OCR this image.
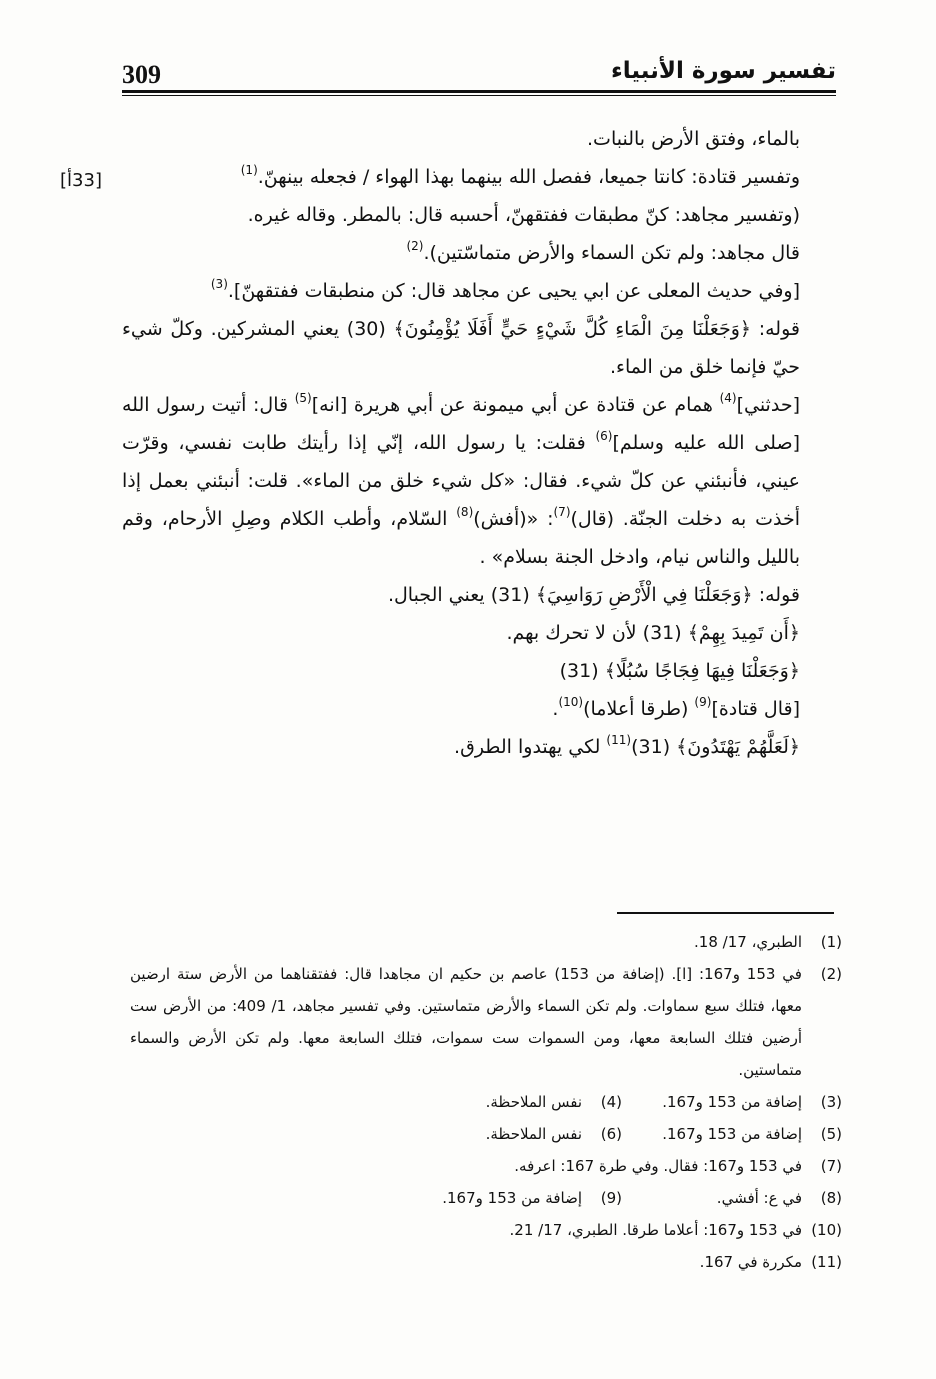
309	تفسير سورة الأنبياء
[33أ]

بالماء، وفتق الأرض بالنبات.

وتفسير قتادة: كانتا جميعا، ففصل الله بينهما بهذا الهواء / فجعله بينهنّ.$^{(1)}$

(وتفسير مجاهد: كنّ مطبقات ففتقهنّ، أحسبه قال: بالمطر. وقاله غيره.

قال مجاهد: ولم تكن السماء والأرض متماسّتين).$^{(2)}$

[وفي حديث المعلى عن ابي يحيى عن مجاهد قال: كن منطبقات ففتقهنّ].$^{(3)}$

قوله: ﴿وَجَعَلْنَا مِنَ الْمَاءِ كُلَّ شَيْءٍ حَيٍّ أَفَلَا يُؤْمِنُونَ﴾ (30) يعني المشركين. وكلّ شيء حيّ فإنما خلق من الماء.

[حدثني]$^{(4)}$ همام عن قتادة عن أبي ميمونة عن أبي هريرة [انه]$^{(5)}$ قال: أتيت رسول الله [صلى الله عليه وسلم]$^{(6)}$ فقلت: يا رسول الله، إنّي إذا رأيتك طابت نفسي، وقرّت عيني، فأنبئني عن كلّ شيء. فقال: «كل شيء خلق من الماء». قلت: أنبئني بعمل إذا أخذت به دخلت الجنّة. (قال)$^{(7)}$: «(أفش)$^{(8)}$ السّلام، وأطب الكلام وصِلِ الأرحام، وقم بالليل والناس نيام، وادخل الجنة بسلام» .

قوله: ﴿وَجَعَلْنَا فِي الْأَرْضِ رَوَاسِيَ﴾ (31) يعني الجبال.

﴿أَن تَمِيدَ بِهِمْ﴾ (31) لأن لا تحرك بهم.

﴿وَجَعَلْنَا فِيهَا فِجَاجًا سُبُلًا﴾ (31)

[قال قتادة]$^{(9)}$ (طرقا أعلاما)$^{(10)}$.

﴿لَعَلَّهُمْ يَهْتَدُونَ﴾ $(31)^{(11)}$ لكي يهتدوا الطرق.

(1)
الطبري، 17/ 18.
(2)
في 153 و167: [ا]. (إضافة من 153) عاصم بن حكيم ان مجاهدا قال: ففتقناهما من الأرض ستة ارضين معها، فتلك سبع سماوات. ولم تكن السماء والأرض متماستين. وفي تفسير مجاهد، 1/ 409: من الأرض ست أرضين فتلك السابعة معها، ومن السموات ست سموات، فتلك السابعة معها. ولم تكن الأرض والسماء متماستين.
(3)
إضافة من 153 و167.
(4)
نفس الملاحظة.
(5)
إضافة من 153 و167.
(6)
نفس الملاحظة.
(7)
في 153 و167: فقال. وفي طرة 167: اعرفه.
(8)
في ع: أفشي.
(9)
إضافة من 153 و167.
(10)
في 153 و167: أعلاما طرقا. الطبري، 17/ 21.
(11)
مكررة في 167.
